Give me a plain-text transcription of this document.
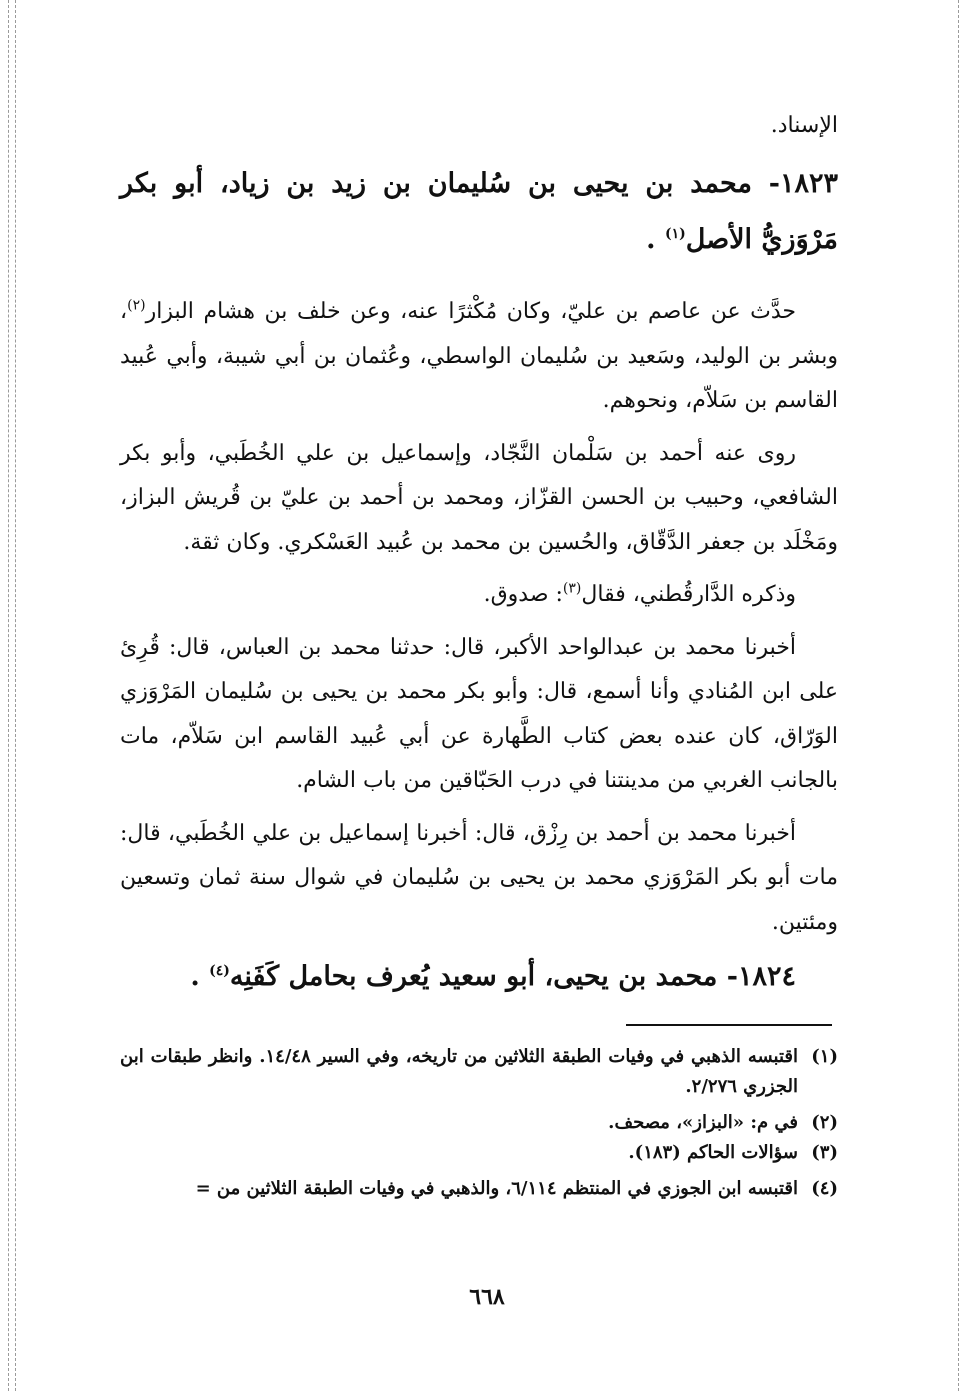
الإسناد.
١٨٢٣- محمد بن يحيى بن سُليمان بن زيد بن زياد، أبو بكر مَرْوَزيُّ الأصل$^{(١)}$ .

حدَّث عن عاصم بن عليّ، وكان مُكْثرًا عنه، وعن خلف بن هشام البزار$^{(٢)}$، وبشر بن الوليد، وسَعيد بن سُليمان الواسطي، وعُثمان بن أبي شيبة، وأبي عُبيد القاسم بن سَلاّم، ونحوهم.

روى عنه أحمد بن سَلْمان النَّجّاد، وإسماعيل بن علي الخُطَبي، وأبو بكر الشافعي، وحبيب بن الحسن القزّاز، ومحمد بن أحمد بن عليّ بن قُريش البزاز، ومَخْلَد بن جعفر الدَّقّاق، والحُسين بن محمد بن عُبيد العَسْكري. وكان ثقة.

وذكره الدَّارقُطني، فقال$^{(٣)}$: صدوق.

أخبرنا محمد بن عبدالواحد الأكبر، قال: حدثنا محمد بن العباس، قال: قُرِئ على ابن المُنادي وأنا أسمع، قال: وأبو بكر محمد بن يحيى بن سُليمان المَرْوَزي الوَرّاق، كان عنده بعض كتاب الطَّهارة عن أبي عُبيد القاسم ابن سَلاّم، مات بالجانب الغربي من مدينتنا في درب الحَبّاقين من باب الشام.

أخبرنا محمد بن أحمد بن رِزْق، قال: أخبرنا إسماعيل بن علي الخُطَبي، قال: مات أبو بكر المَرْوَزي محمد بن يحيى بن سُليمان في شوال سنة ثمان وتسعين ومئتين.

١٨٢٤- محمد بن يحيى، أبو سعيد يُعرف بحامل كَفَنِه$^{(٤)}$ .
(١)
اقتبسه الذهبي في وفيات الطبقة الثلاثين من تاريخه، وفي السير ١٤/٤٨. وانظر طبقات ابن الجزري ٢/٢٧٦.
(٢)
في م: «البزاز»، مصحف.
(٣)
سؤالات الحاكم (١٨٣).
(٤)
اقتبسه ابن الجوزي في المنتظم ٦/١١٤، والذهبي في وفيات الطبقة الثلاثين من =
٦٦٨
